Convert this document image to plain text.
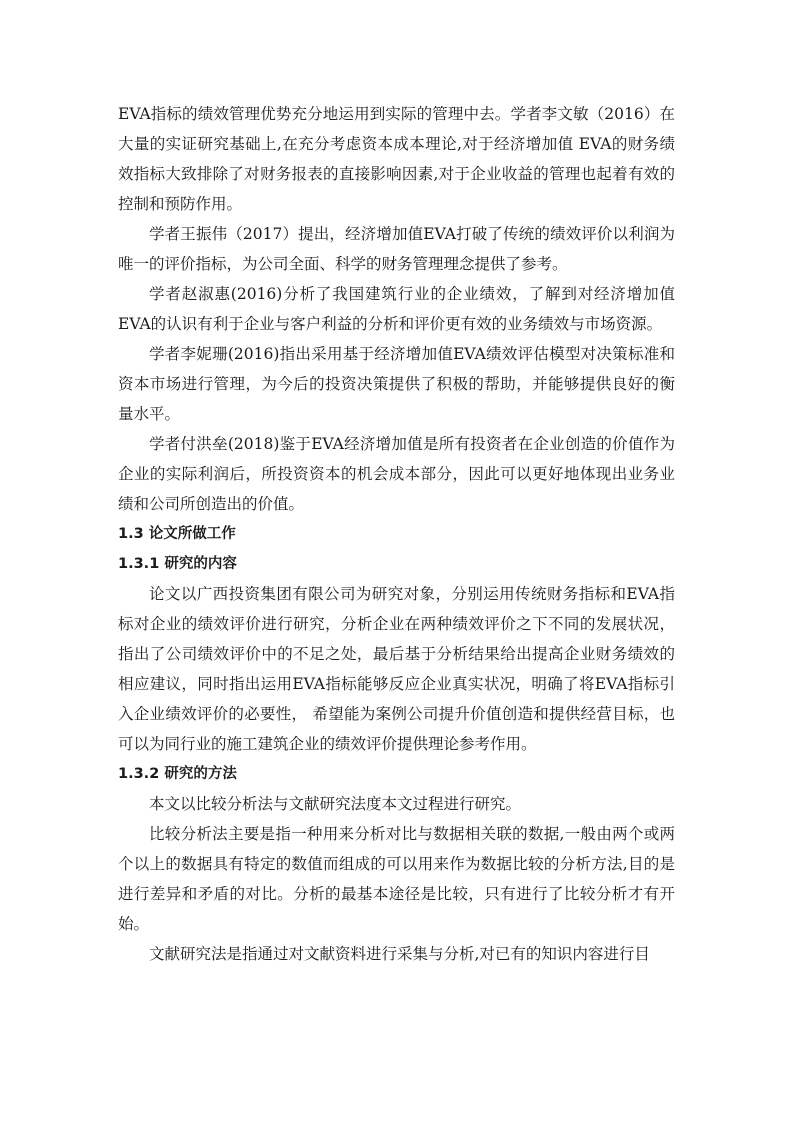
EVA指标的绩效管理优势充分地运用到实际的管理中去。学者李文敏（2016）在大量的实证研究基础上,在充分考虑资本成本理论,对于经济增加值 EVA的财务绩效指标大致排除了对财务报表的直接影响因素,对于企业收益的管理也起着有效的控制和预防作用。

学者王振伟（2017）提出，经济增加值EVA打破了传统的绩效评价以利润为唯一的评价指标，为公司全面、科学的财务管理理念提供了参考。

学者赵淑惠(2016)分析了我国建筑行业的企业绩效，了解到对经济增加值EVA的认识有利于企业与客户利益的分析和评价更有效的业务绩效与市场资源。

学者李妮珊(2016)指出采用基于经济增加值EVA绩效评估模型对决策标准和资本市场进行管理，为今后的投资决策提供了积极的帮助，并能够提供良好的衡量水平。

学者付洪垒(2018)鉴于EVA经济增加值是所有投资者在企业创造的价值作为企业的实际利润后，所投资资本的机会成本部分，因此可以更好地体现出业务业绩和公司所创造出的价值。

1.3 论文所做工作
1.3.1 研究的内容

论文以广西投资集团有限公司为研究对象，分别运用传统财务指标和EVA指标对企业的绩效评价进行研究，分析企业在两种绩效评价之下不同的发展状况，指出了公司绩效评价中的不足之处，最后基于分析结果给出提高企业财务绩效的相应建议，同时指出运用EVA指标能够反应企业真实状况，明确了将EVA指标引入企业绩效评价的必要性， 希望能为案例公司提升价值创造和提供经营目标，也可以为同行业的施工建筑企业的绩效评价提供理论参考作用。

1.3.2 研究的方法

本文以比较分析法与文献研究法度本文过程进行研究。

比较分析法主要是指一种用来分析对比与数据相关联的数据,一般由两个或两个以上的数据具有特定的数值而组成的可以用来作为数据比较的分析方法,目的是进行差异和矛盾的对比。分析的最基本途径是比较，只有进行了比较分析才有开始。

文献研究法是指通过对文献资料进行采集与分析,对已有的知识内容进行目
